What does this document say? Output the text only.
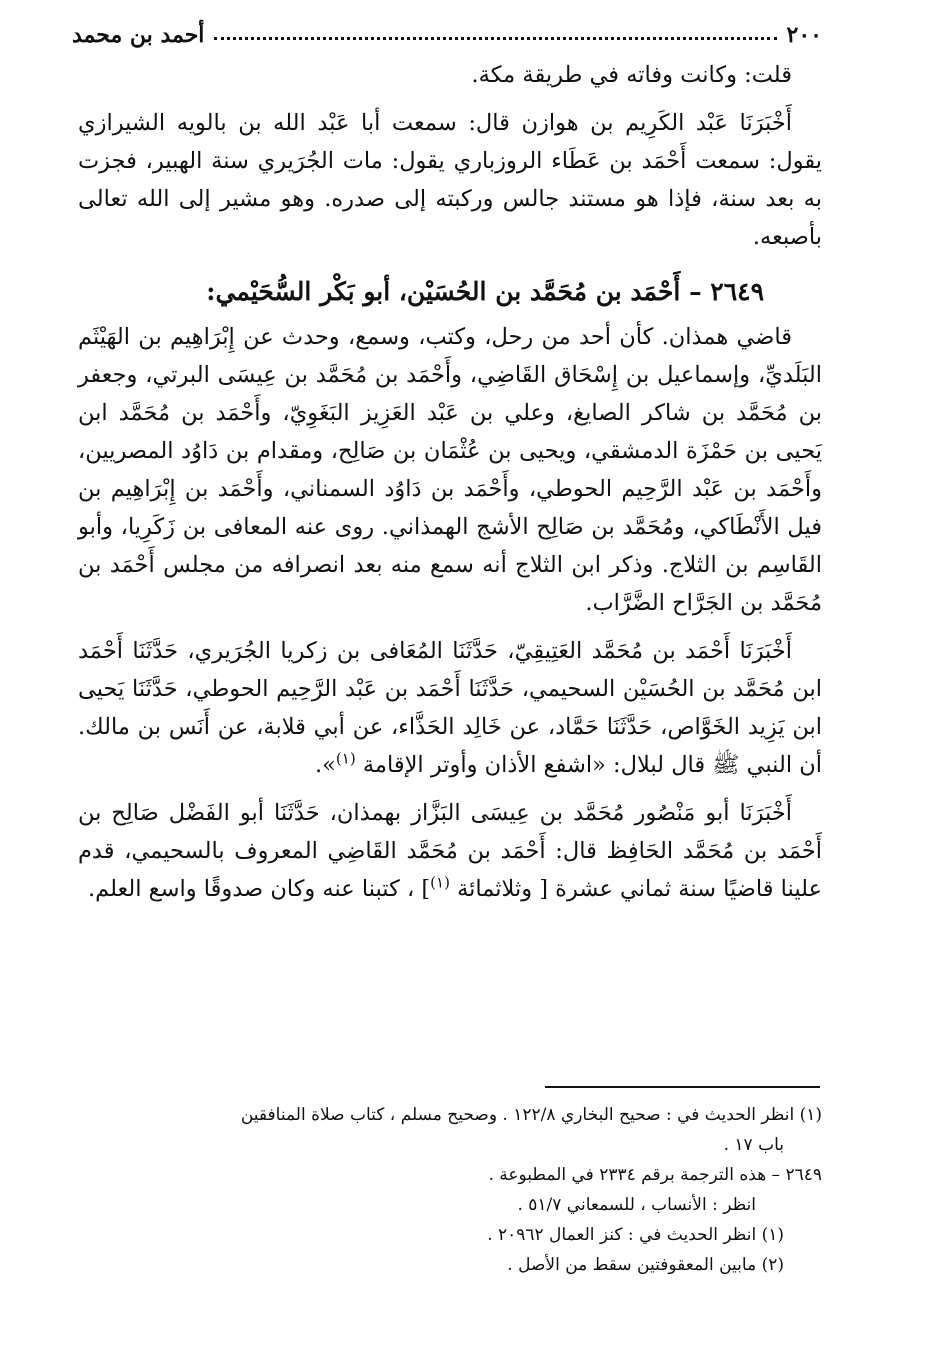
٢٠٠
أحمد بن محمد

قلت: وكانت وفاته في طريقة مكة.

أَخْبَرَنَا عَبْد الكَرِيم بن هوازن قال: سمعت أبا عَبْد الله بن بالويه الشيرازي يقول: سمعت أَحْمَد بن عَطَاء الروزباري يقول: مات الجُرَيري سنة الهبير، فجزت به بعد سنة، فإذا هو مستند جالس وركبته إلى صدره. وهو مشير إلى الله تعالى بأصبعه.

٢٦٤٩ – أَحْمَد بن مُحَمَّد بن الحُسَيْن، أبو بَكْر السُّحَيْمي:

قاضي همذان. كأن أحد من رحل، وكتب، وسمع، وحدث عن إِبْرَاهِيم بن الهَيْثَم البَلَديِّ، وإسماعيل بن إِسْحَاق القَاضِي، وأَحْمَد بن مُحَمَّد بن عِيسَى البرتي، وجعفر بن مُحَمَّد بن شاكر الصايغ، وعلي بن عَبْد العَزِيز البَغَوِيّ، وأَحْمَد بن مُحَمَّد ابن يَحيى بن حَمْزَة الدمشقي، ويحيى بن عُثْمَان بن صَالِح، ومقدام بن دَاوُد المصريين، وأَحْمَد بن عَبْد الرَّحِيم الحوطي، وأَحْمَد بن دَاوُد السمناني، وأَحْمَد بن إِبْرَاهِيم بن فيل الأَنْطَاكي، ومُحَمَّد بن صَالِح الأشج الهمذاني. روى عنه المعافى بن زَكَرِيا، وأبو القَاسِم بن الثلاج. وذكر ابن الثلاج أنه سمع منه بعد انصرافه من مجلس أَحْمَد بن مُحَمَّد بن الجَرَّاح الضَّرَّاب.

أَخْبَرَنَا أَحْمَد بن مُحَمَّد العَتِيقِيّ، حَدَّثَنَا المُعَافى بن زكريا الجُرَيري، حَدَّثَنَا أَحْمَد ابن مُحَمَّد بن الحُسَيْن السحيمي، حَدَّثَنَا أَحْمَد بن عَبْد الرَّحِيم الحوطي، حَدَّثَنَا يَحيى ابن يَزِيد الخَوَّاص، حَدَّثَنَا حَمَّاد، عن خَالِد الحَذَّاء، عن أبي قلابة، عن أَنَس بن مالك. أن النبي ﷺ قال لبلال: «اشفع الأذان وأوتر الإقامة $^{(١)}$».

أَخْبَرَنَا أبو مَنْصُور مُحَمَّد بن عِيسَى البَزَّاز بهمذان، حَدَّثَنَا أبو الفَضْل صَالِح بن أَحْمَد بن مُحَمَّد الحَافِظ قال: أَحْمَد بن مُحَمَّد القَاضِي المعروف بالسحيمي، قدم علينا قاضيًا سنة ثماني عشرة [ وثلاثمائة $^{(١)}$] ، كتبنا عنه وكان صدوقًا واسع العلم.

(١) انظر الحديث في : صحيح البخاري ١٢٢/٨ . وصحيح مسلم ، كتاب صلاة المنافقين

باب ١٧ .

٢٦٤٩ – هذه الترجمة برقم ٢٣٣٤ في المطبوعة .

انظر : الأنساب ، للسمعاني ٥١/٧ .

(١) انظر الحديث في : كنز العمال ٢٠٩٦٢ .

(٢) مابين المعقوفتين سقط من الأصل .
